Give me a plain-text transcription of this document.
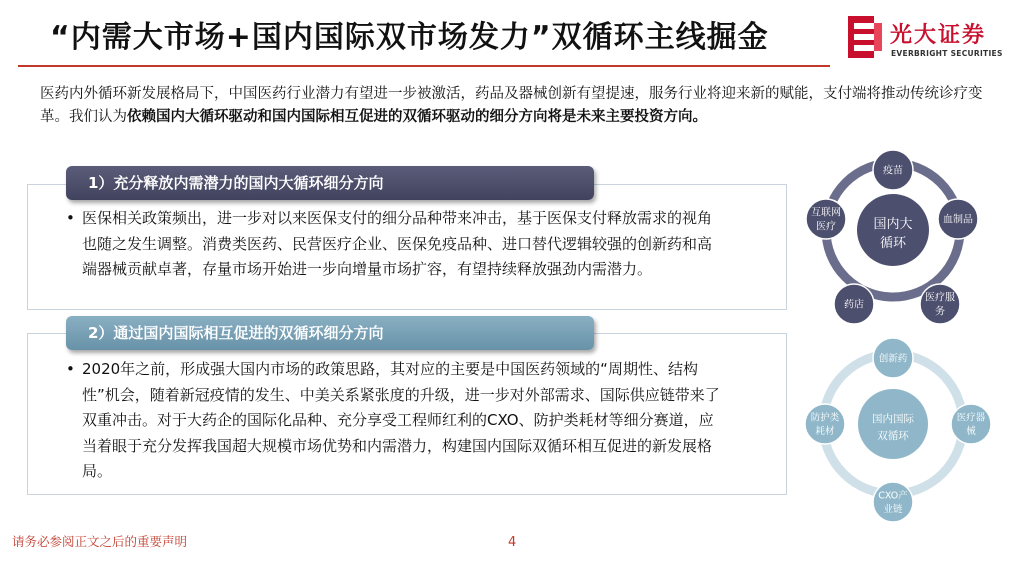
“内需大市场+国内国际双市场发力”双循环主线掘金	光大证券
EVERBRIGHT SECURITIES
医药内外循环新发展格局下，中国医药行业潜力有望进一步被激活，药品及器械创新有望提速，服务行业将迎来新的赋能，支付端将推动传统诊疗变革。我们认为依赖国内大循环驱动和国内国际相互促进的双循环驱动的细分方向将是未来主要投资方向。
1）充分释放内需潜力的国内大循环细分方向
• 医保相关政策频出，进一步对以来医保支付的细分品种带来冲击，基于医保支付释放需求的视角也随之发生调整。消费类医药、民营医疗企业、医保免疫品种、进口替代逻辑较强的创新药和高端器械贡献卓著，存量市场开始进一步向增量市场扩容，有望持续释放强劲内需潜力。
2）通过国内国际相互促进的双循环细分方向
• 2020年之前，形成强大国内市场的政策思路，其对应的主要是中国医药领域的“周期性、结构性”机会，随着新冠疫情的发生、中美关系紧张度的升级，进一步对外部需求、国际供应链带来了双重冲击。对于大药企的国际化品种、充分享受工程师红利的CXO、防护类耗材等细分赛道，应当着眼于充分发挥我国超大规模市场优势和内需潜力，构建国内国际双循环相互促进的新发展格局。
国内大
循环
疫苗
血制品
医疗服
务
药店
互联网
医疗
国内国际
双循环
创新药
医疗器
械
CXO产
业链
防护类
耗材
请务必参阅正文之后的重要声明	4
